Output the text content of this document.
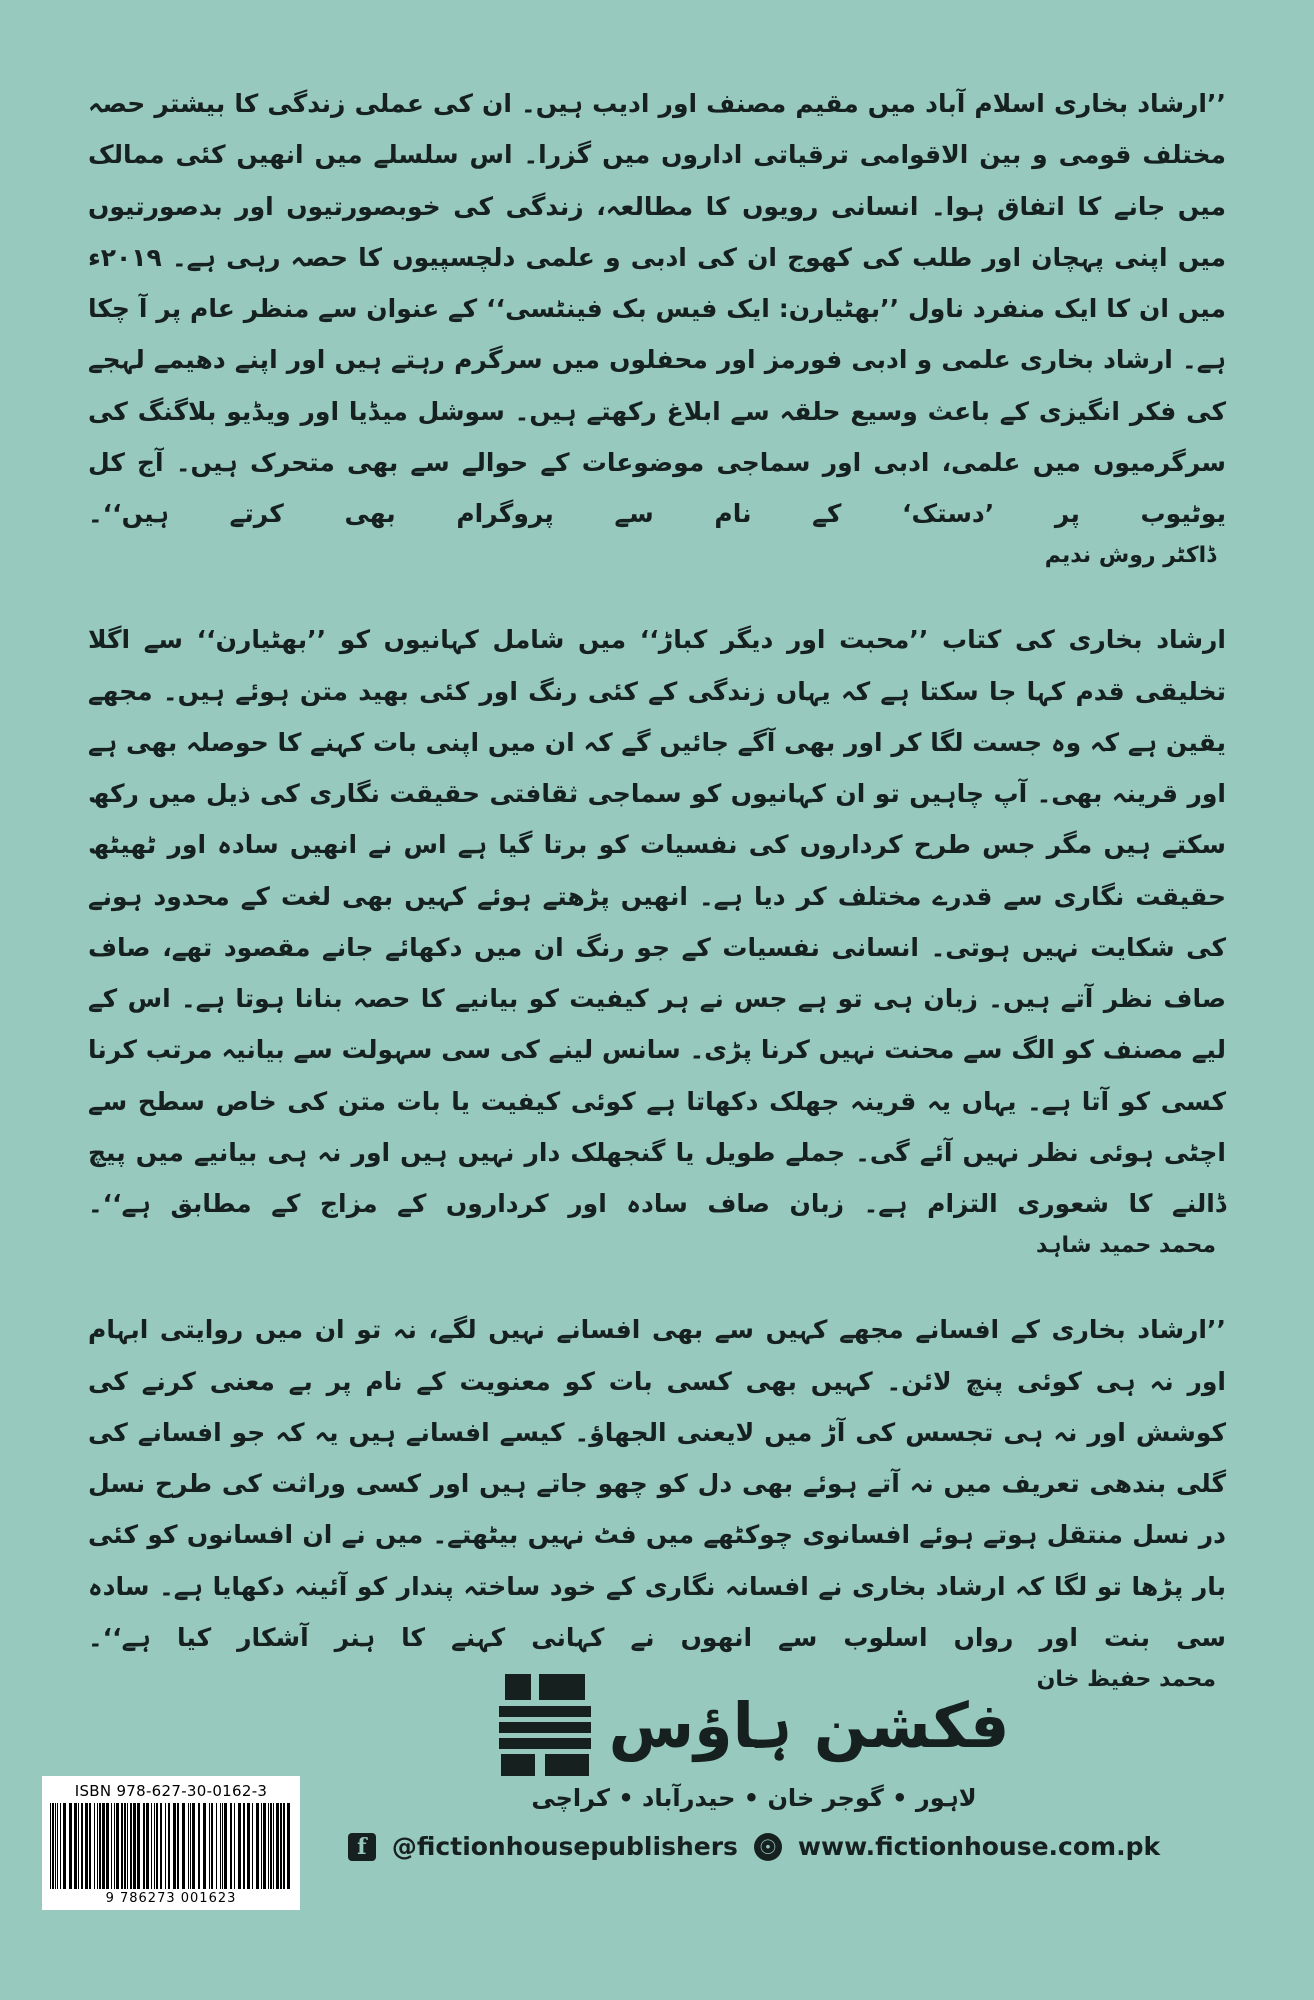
’’ارشاد بخاری اسلام آباد میں مقیم مصنف اور ادیب ہیں۔ ان کی عملی زندگی کا بیشتر حصہ مختلف قومی و بین الاقوامی ترقیاتی اداروں میں گزرا۔ اس سلسلے میں انھیں کئی ممالک میں جانے کا اتفاق ہوا۔ انسانی رویوں کا مطالعہ، زندگی کی خوبصورتیوں اور بدصورتیوں میں اپنی پہچان اور طلب کی کھوج ان کی ادبی و علمی دلچسپیوں کا حصہ رہی ہے۔ ۲۰۱۹ء میں ان کا ایک منفرد ناول ’’بھٹیارن: ایک فیس بک فینٹسی‘‘ کے عنوان سے منظر عام پر آ چکا ہے۔ ارشاد بخاری علمی و ادبی فورمز اور محفلوں میں سرگرم رہتے ہیں اور اپنے دھیمے لہجے کی فکر انگیزی کے باعث وسیع حلقہ سے ابلاغ رکھتے ہیں۔ سوشل میڈیا اور ویڈیو بلاگنگ کی سرگرمیوں میں علمی، ادبی اور سماجی موضوعات کے حوالے سے بھی متحرک ہیں۔ آج کل یوٹیوب پر ’دستک‘ کے نام سے پروگرام بھی کرتے ہیں‘‘۔

ڈاکٹر روش ندیم

ارشاد بخاری کی کتاب ’’محبت اور دیگر کباڑ‘‘ میں شامل کہانیوں کو ’’بھٹیارن‘‘ سے اگلا تخلیقی قدم کہا جا سکتا ہے کہ یہاں زندگی کے کئی رنگ اور کئی بھید متن ہوئے ہیں۔ مجھے یقین ہے کہ وہ جست لگا کر اور بھی آگے جائیں گے کہ ان میں اپنی بات کہنے کا حوصلہ بھی ہے اور قرینہ بھی۔ آپ چاہیں تو ان کہانیوں کو سماجی ثقافتی حقیقت نگاری کی ذیل میں رکھ سکتے ہیں مگر جس طرح کرداروں کی نفسیات کو برتا گیا ہے اس نے انھیں سادہ اور ٹھیٹھ حقیقت نگاری سے قدرے مختلف کر دیا ہے۔ انھیں پڑھتے ہوئے کہیں بھی لغت کے محدود ہونے کی شکایت نہیں ہوتی۔ انسانی نفسیات کے جو رنگ ان میں دکھائے جانے مقصود تھے، صاف صاف نظر آتے ہیں۔ زبان ہی تو ہے جس نے ہر کیفیت کو بیانیے کا حصہ بنانا ہوتا ہے۔ اس کے لیے مصنف کو الگ سے محنت نہیں کرنا پڑی۔ سانس لینے کی سی سہولت سے بیانیہ مرتب کرنا کسی کو آتا ہے۔ یہاں یہ قرینہ جھلک دکھاتا ہے کوئی کیفیت یا بات متن کی خاص سطح سے اچٹی ہوئی نظر نہیں آئے گی۔ جملے طویل یا گنجھلک دار نہیں ہیں اور نہ ہی بیانیے میں پیچ ڈالنے کا شعوری التزام ہے۔ زبان صاف سادہ اور کرداروں کے مزاج کے مطابق ہے‘‘۔

محمد حمید شاہد

’’ارشاد بخاری کے افسانے مجھے کہیں سے بھی افسانے نہیں لگے، نہ تو ان میں روایتی ابہام اور نہ ہی کوئی پنچ لائن۔ کہیں بھی کسی بات کو معنویت کے نام پر بے معنی کرنے کی کوشش اور نہ ہی تجسس کی آڑ میں لایعنی الجھاؤ۔ کیسے افسانے ہیں یہ کہ جو افسانے کی گلی بندھی تعریف میں نہ آتے ہوئے بھی دل کو چھو جاتے ہیں اور کسی وراثت کی طرح نسل در نسل منتقل ہوتے ہوئے افسانوی چوکٹھے میں فٹ نہیں بیٹھتے۔ میں نے ان افسانوں کو کئی بار پڑھا تو لگا کہ ارشاد بخاری نے افسانہ نگاری کے خود ساختہ پندار کو آئینہ دکھایا ہے۔ سادہ سی بنت اور رواں اسلوب سے انھوں نے کہانی کہنے کا ہنر آشکار کیا ہے‘‘۔

محمد حفیظ خان
فکشن ہاؤس
لاہور • گوجر خان • حیدرآباد • کراچی
f	@fictionhousepublishers ☉ www.fictionhouse.com.pk
ISBN 978-627-30-0162-3
9 786273 001623
